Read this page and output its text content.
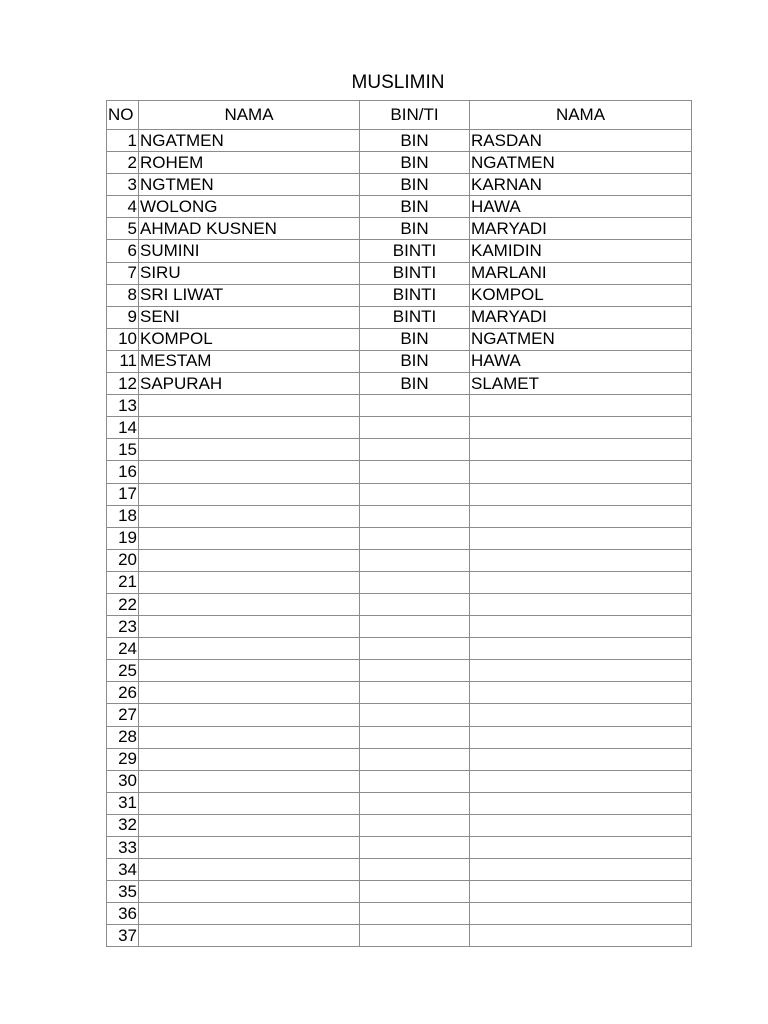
MUSLIMIN
NO	NAMA	BIN/TI	NAMA
1	NGATMEN	BIN	RASDAN
2	ROHEM	BIN	NGATMEN
3	NGTMEN	BIN	KARNAN
4	WOLONG	BIN	HAWA
5	AHMAD KUSNEN	BIN	MARYADI
6	SUMINI	BINTI	KAMIDIN
7	SIRU	BINTI	MARLANI
8	SRI LIWAT	BINTI	KOMPOL
9	SENI	BINTI	MARYADI
10	KOMPOL	BIN	NGATMEN
11	MESTAM	BIN	HAWA
12	SAPURAH	BIN	SLAMET
13			
14			
15			
16			
17			
18			
19			
20			
21			
22			
23			
24			
25			
26			
27			
28			
29			
30			
31			
32			
33			
34			
35			
36			
37			
